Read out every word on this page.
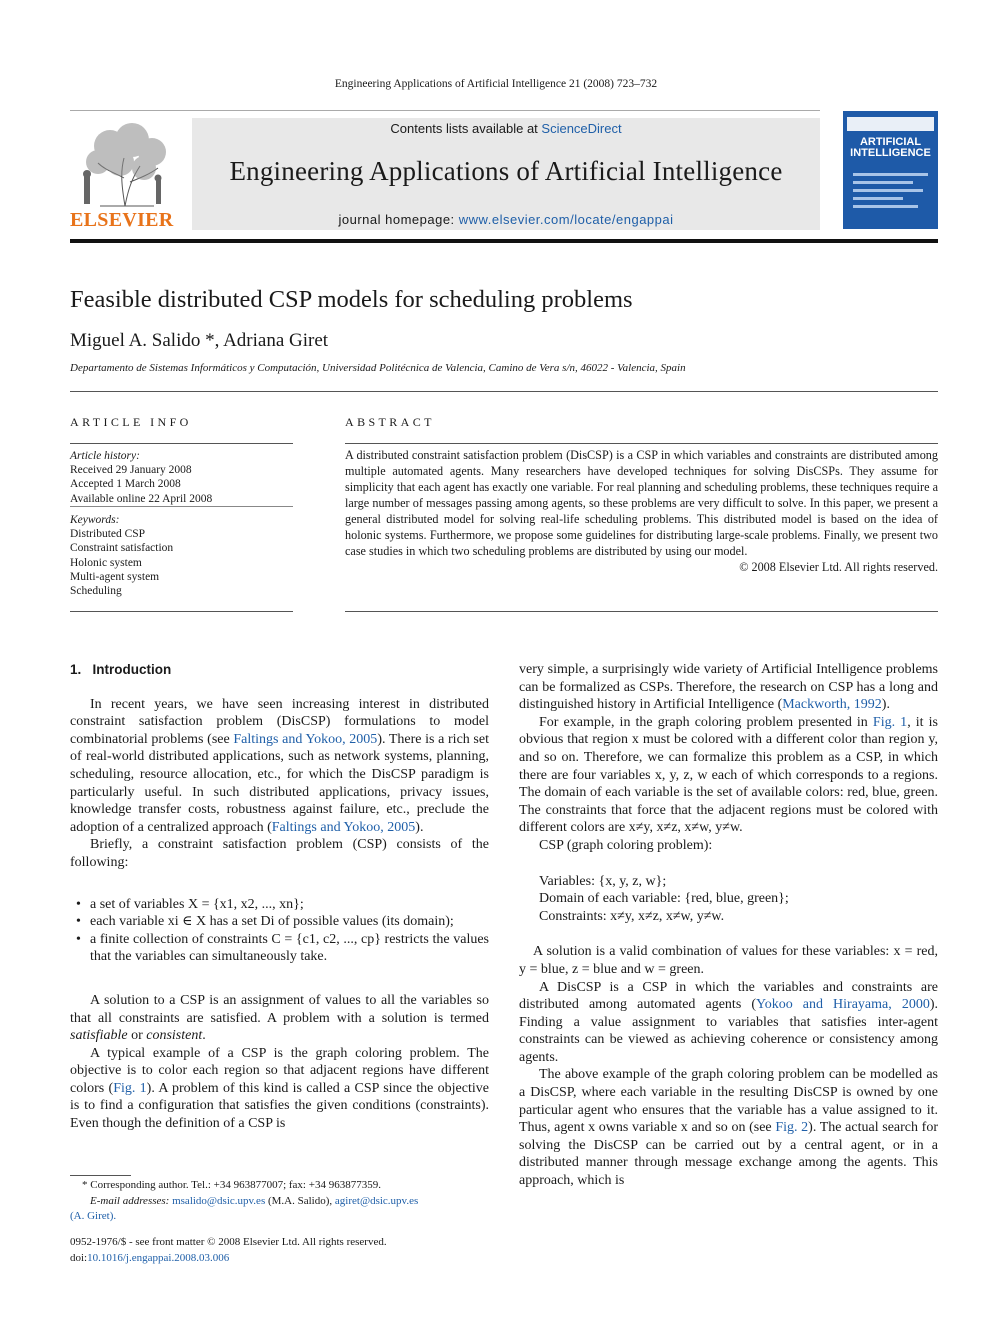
Engineering Applications of Artificial Intelligence 21 (2008) 723–732
ELSEVIER
Contents lists available at ScienceDirect
Engineering Applications of Artificial Intelligence
journal homepage: www.elsevier.com/locate/engappai
ARTIFICIAL INTELLIGENCE
Feasible distributed CSP models for scheduling problems
Miguel A. Salido *, Adriana Giret
Departamento de Sistemas Informáticos y Computación, Universidad Politécnica de Valencia, Camino de Vera s/n, 46022 - Valencia, Spain
ARTICLE INFO
Article history:
Received 29 January 2008
Accepted 1 March 2008
Available online 22 April 2008
Keywords:
Distributed CSP
Constraint satisfaction
Holonic system
Multi-agent system
Scheduling
ABSTRACT
A distributed constraint satisfaction problem (DisCSP) is a CSP in which variables and constraints are distributed among multiple automated agents. Many researchers have developed techniques for solving DisCSPs. They assume for simplicity that each agent has exactly one variable. For real planning and scheduling problems, these techniques require a large number of messages passing among agents, so these problems are very difficult to solve. In this paper, we present a general distributed model for solving real-life scheduling problems. This distributed model is based on the idea of holonic systems. Furthermore, we propose some guidelines for distributing large-scale problems. Finally, we present two case studies in which two scheduling problems are distributed by using our model.
© 2008 Elsevier Ltd. All rights reserved.

1.   Introduction

In recent years, we have seen increasing interest in distributed constraint satisfaction problem (DisCSP) formulations to model combinatorial problems (see Faltings and Yokoo, 2005). There is a rich set of real-world distributed applications, such as network systems, planning, scheduling, resource allocation, etc., for which the DisCSP paradigm is particularly useful. In such distributed applications, privacy issues, knowledge transfer costs, robustness against failure, etc., preclude the adoption of a centralized approach (Faltings and Yokoo, 2005).

Briefly, a constraint satisfaction problem (CSP) consists of the following:

• a set of variables X = {x1, x2, ..., xn};
• each variable xi ∈ X has a set Di of possible values (its domain);
• a finite collection of constraints C = {c1, c2, ..., cp} restricts the values that the variables can simultaneously take.

A solution to a CSP is an assignment of values to all the variables so that all constraints are satisfied. A problem with a solution is termed satisfiable or consistent.

A typical example of a CSP is the graph coloring problem. The objective is to color each region so that adjacent regions have different colors (Fig. 1). A problem of this kind is called a CSP since the objective is to find a configuration that satisfies the given conditions (constraints). Even though the definition of a CSP is

* Corresponding author. Tel.: +34 963877007; fax: +34 963877359.
E-mail addresses: msalido@dsic.upv.es (M.A. Salido), agiret@dsic.upv.es
(A. Giret).
0952-1976/$ - see front matter © 2008 Elsevier Ltd. All rights reserved.
doi:10.1016/j.engappai.2008.03.006

very simple, a surprisingly wide variety of Artificial Intelligence problems can be formalized as CSPs. Therefore, the research on CSP has a long and distinguished history in Artificial Intelligence (Mackworth, 1992).

For example, in the graph coloring problem presented in Fig. 1, it is obvious that region x must be colored with a different color than region y, and so on. Therefore, we can formalize this problem as a CSP, in which there are four variables x, y, z, w each of which corresponds to a regions. The domain of each variable is the set of available colors: red, blue, green. The constraints that force that the adjacent regions must be colored with different colors are x≠y, x≠z, x≠w, y≠w.

CSP (graph coloring problem):

Variables: {x, y, z, w};
Domain of each variable: {red, blue, green};
Constraints: x≠y, x≠z, x≠w, y≠w.

A solution is a valid combination of values for these variables: x = red, y = blue, z = blue and w = green.

A DisCSP is a CSP in which the variables and constraints are distributed among automated agents (Yokoo and Hirayama, 2000). Finding a value assignment to variables that satisfies inter-agent constraints can be viewed as achieving coherence or consistency among agents.

The above example of the graph coloring problem can be modelled as a DisCSP, where each variable in the resulting DisCSP is owned by one particular agent who ensures that the variable has a value assigned to it. Thus, agent x owns variable x and so on (see Fig. 2). The actual search for solving the DisCSP can be carried out by a central agent, or in a distributed manner through message exchange among the agents. This approach, which is
